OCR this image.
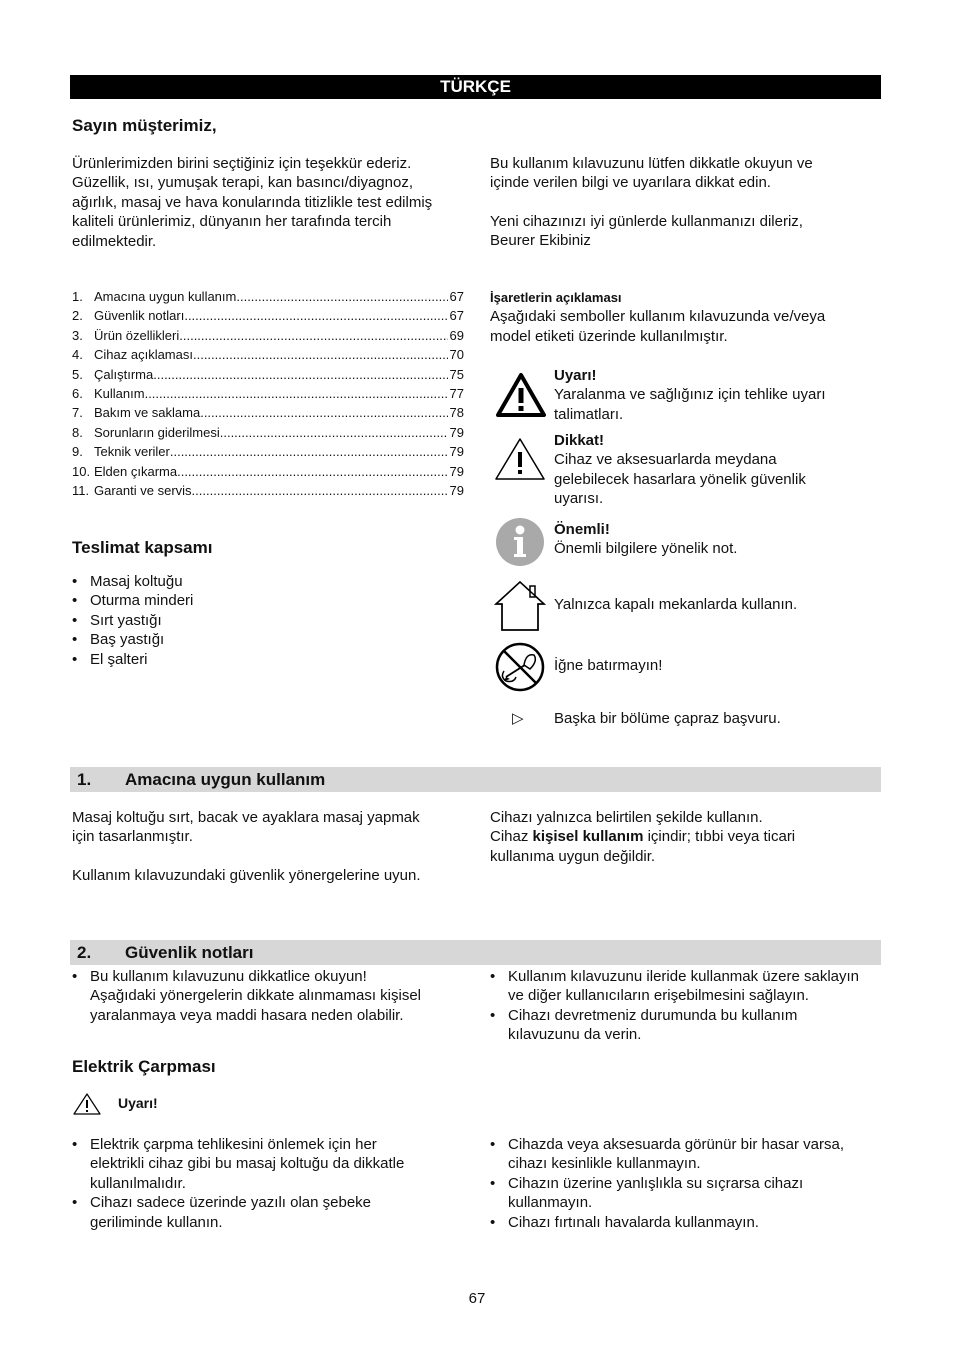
TÜRKÇE
Sayın müşterimiz,

Ürünlerimizden birini seçtiğiniz için teşekkür ederiz.

Güzellik, ısı, yumuşak terapi, kan basıncı/diyagnoz,

ağırlık, masaj ve hava konularında titizlikle test edilmiş

kaliteli ürünlerimiz, dünyanın her tarafında tercih

edilmektedir.

Bu kullanım kılavuzunu lütfen dikkatle okuyun ve

içinde verilen bilgi ve uyarılara dikkat edin.

Yeni cihazınızı iyi günlerde kullanmanızı dileriz,

Beurer Ekibiniz

1. Amacına uygun kullanım .....	67
2. Güvenlik notları .....	67
3. Ürün özellikleri .....	69
4. Cihaz açıklaması .....	70
5. Çalıştırma .....	75
6. Kullanım .....	77
7. Bakım ve saklama .....	78
8. Sorunların giderilmesi .....	79
9. Teknik veriler .....	79
10. Elden çıkarma .....	79
11. Garanti ve servis .....	79
İşaretlerin açıklaması
Aşağıdaki semboller kullanım kılavuzunda ve/veya
model etiketi üzerinde kullanılmıştır.
Uyarı!
Yaralanma ve sağlığınız için tehlike uyarı
talimatları.
Dikkat!
Cihaz ve aksesuarlarda meydana
gelebilecek hasarlara yönelik güvenlik
uyarısı.
Önemli!
Önemli bilgilere yönelik not.
Yalnızca kapalı mekanlarda kullanın.
İğne batırmayın!
▷ Başka bir bölüme çapraz başvuru.
Teslimat kapsamı
• Masaj koltuğu
• Oturma minderi
• Sırt yastığı
• Baş yastığı
• El şalteri
1. Amacına uygun kullanım

Masaj koltuğu sırt, bacak ve ayaklara masaj yapmak

için tasarlanmıştır.

Kullanım kılavuzundaki güvenlik yönergelerine uyun.

Cihazı yalnızca belirtilen şekilde kullanın.

Cihaz kişisel kullanım içindir; tıbbi veya ticari

kullanıma uygun değildir.

2. Güvenlik notları
• Bu kullanım kılavuzunu dikkatlice okuyun!
Aşağıdaki yönergelerin dikkate alınmaması kişisel
yaralanmaya veya maddi hasara neden olabilir.
• Kullanım kılavuzunu ileride kullanmak üzere saklayın
ve diğer kullanıcıların erişebilmesini sağlayın.
• Cihazı devretmeniz durumunda bu kullanım
kılavuzunu da verin.
Elektrik Çarpması
Uyarı!
• Elektrik çarpma tehlikesini önlemek için her
elektrikli cihaz gibi bu masaj koltuğu da dikkatle
kullanılmalıdır.
• Cihazı sadece üzerinde yazılı olan şebeke
geriliminde kullanın.
• Cihazda veya aksesuarda görünür bir hasar varsa,
cihazı kesinlikle kullanmayın.
• Cihazın üzerine yanlışlıkla su sıçrarsa cihazı
kullanmayın.
• Cihazı fırtınalı havalarda kullanmayın.
67
